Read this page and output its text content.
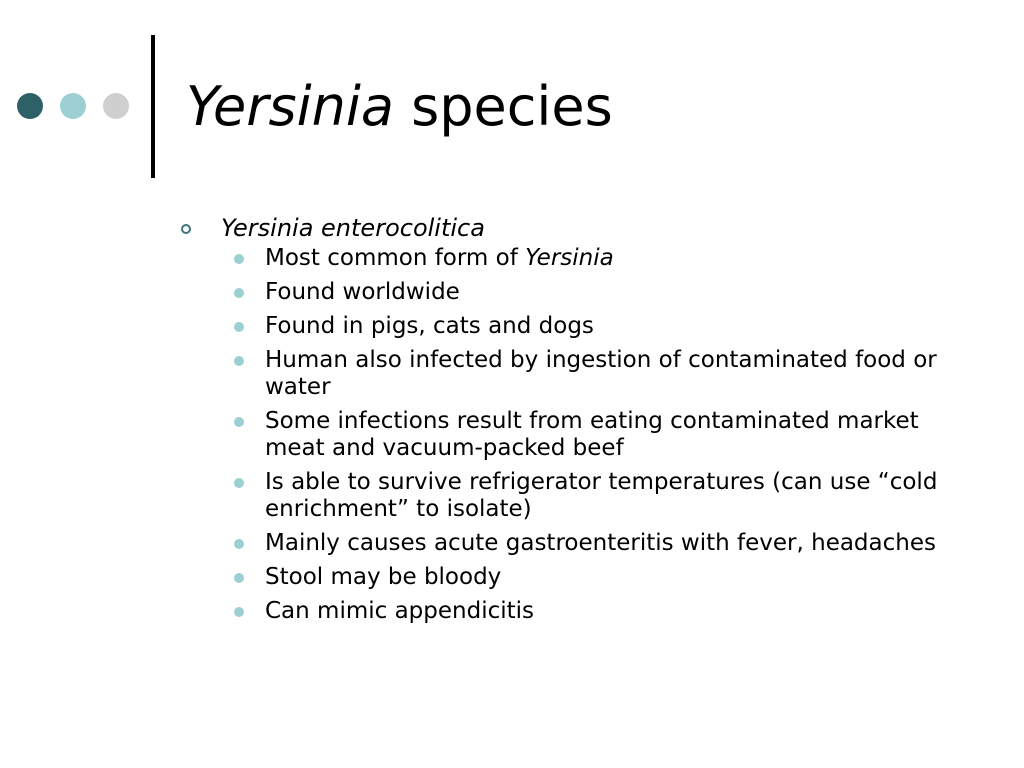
Yersinia species
Yersinia enterocolitica
Most common form of Yersinia
Found worldwide
Found in pigs, cats and dogs
Human also infected by ingestion of contaminated food or water
Some infections result from eating contaminated market meat and vacuum-packed beef
Is able to survive refrigerator temperatures (can use “cold enrichment” to isolate)
Mainly causes acute gastroenteritis with fever, headaches
Stool may be bloody
Can mimic appendicitis
